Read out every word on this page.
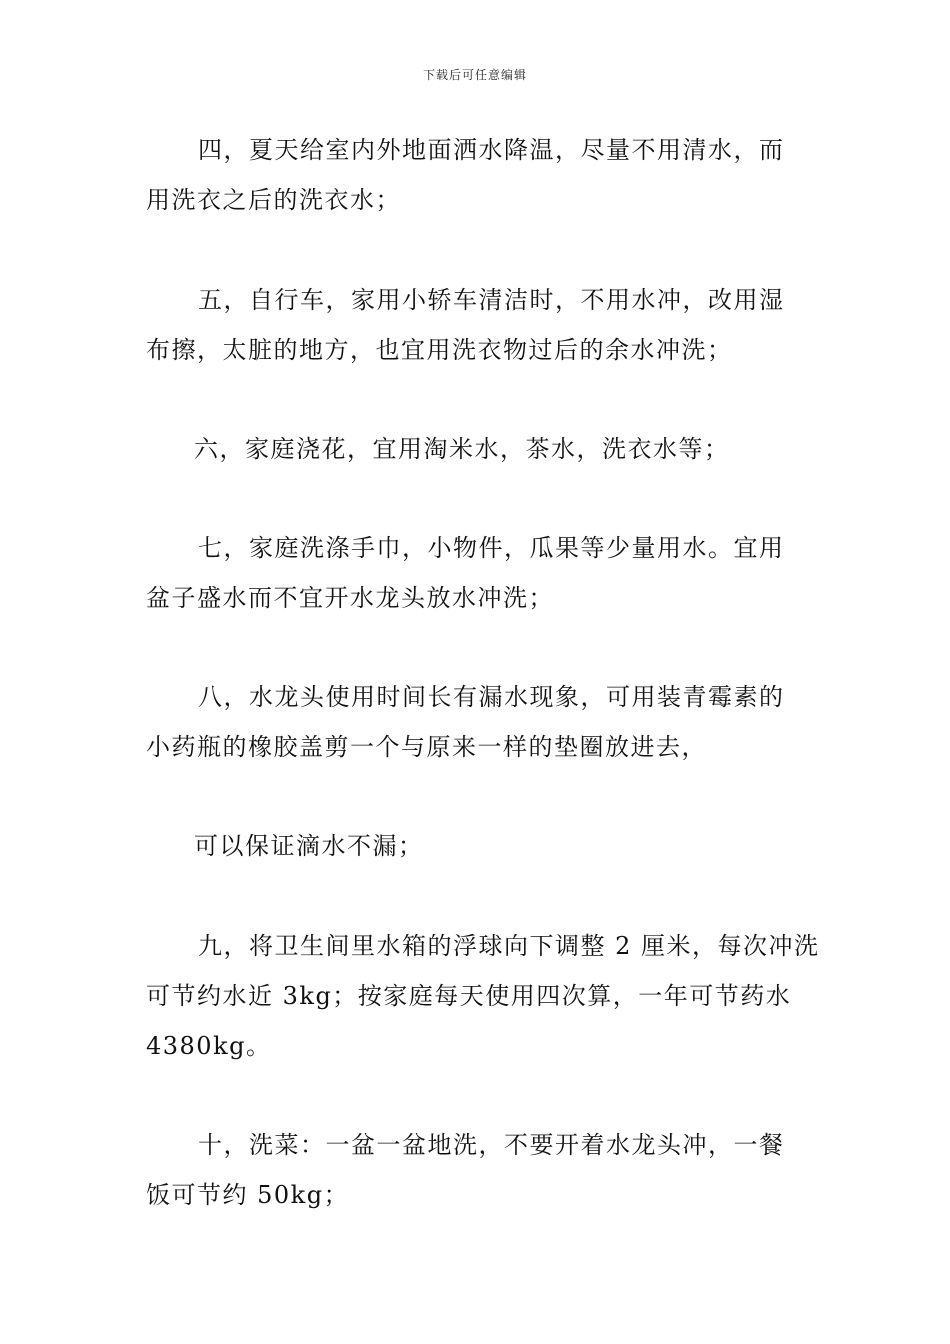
下载后可任意编辑
四，夏天给室内外地面洒水降温，尽量不用清水，而
用洗衣之后的洗衣水；
五，自行车，家用小轿车清洁时，不用水冲，改用湿
布擦，太脏的地方，也宜用洗衣物过后的余水冲洗；
六，家庭浇花，宜用淘米水，茶水，洗衣水等；
七，家庭洗涤手巾，小物件，瓜果等少量用水。宜用
盆子盛水而不宜开水龙头放水冲洗；
八，水龙头使用时间长有漏水现象，可用装青霉素的
小药瓶的橡胶盖剪一个与原来一样的垫圈放进去，
可以保证滴水不漏；
九，将卫生间里水箱的浮球向下调整 2 厘米，每次冲洗
可节约水近 3kg；按家庭每天使用四次算，一年可节药水
4380kg。
十，洗菜：一盆一盆地洗，不要开着水龙头冲，一餐
饭可节约 50kg；
